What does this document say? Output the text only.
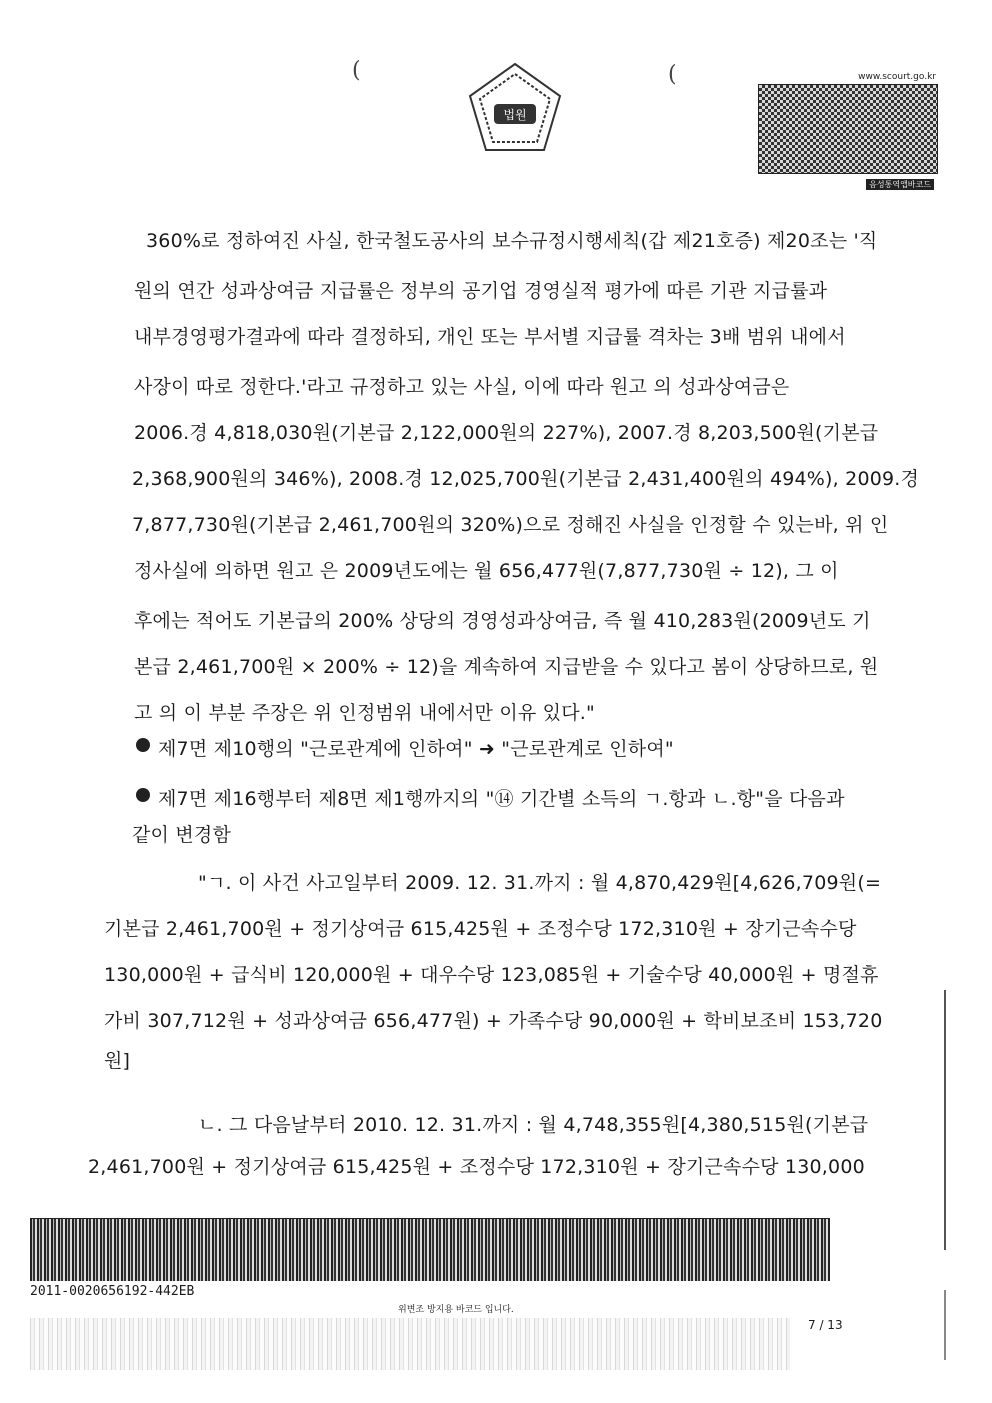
법원
(	(	www.scourt.go.kr
음성통역앱바코드
360%로 정하여진 사실, 한국철도공사의 보수규정시행세칙(갑 제21호증) 제20조는 '직
원의 연간 성과상여금 지급률은 정부의 공기업 경영실적 평가에 따른 기관 지급률과
내부경영평가결과에 따라 결정하되, 개인 또는 부서별 지급률 격차는 3배 범위 내에서
사장이 따로 정한다.'라고 규정하고 있는 사실, 이에 따라 원고 의 성과상여금은
2006.경 4,818,030원(기본급 2,122,000원의 227%), 2007.경 8,203,500원(기본급
2,368,900원의 346%), 2008.경 12,025,700원(기본급 2,431,400원의 494%), 2009.경
7,877,730원(기본급 2,461,700원의 320%)으로 정해진 사실을 인정할 수 있는바, 위 인
정사실에 의하면 원고 은 2009년도에는 월 656,477원(7,877,730원 ÷ 12), 그 이
후에는 적어도 기본급의 200% 상당의 경영성과상여금, 즉 월 410,283원(2009년도 기
본급 2,461,700원 × 200% ÷ 12)을 계속하여 지급받을 수 있다고 봄이 상당하므로, 원
고 의 이 부분 주장은 위 인정범위 내에서만 이유 있다."
제7면 제10행의 "근로관계에 인하여" ➜ "근로관계로 인하여"
제7면 제16행부터 제8면 제1행까지의 "⑭ 기간별 소득의 ㄱ.항과 ㄴ.항"을 다음과
같이 변경함
"ㄱ. 이 사건 사고일부터 2009. 12. 31.까지 : 월 4,870,429원[4,626,709원(=
기본급 2,461,700원 + 정기상여금 615,425원 + 조정수당 172,310원 + 장기근속수당
130,000원 + 급식비 120,000원 + 대우수당 123,085원 + 기술수당 40,000원 + 명절휴
가비 307,712원 + 성과상여금 656,477원) + 가족수당 90,000원 + 학비보조비 153,720
원]
ㄴ. 그 다음날부터 2010. 12. 31.까지 : 월 4,748,355원[4,380,515원(기본급
2,461,700원 + 정기상여금 615,425원 + 조정수당 172,310원 + 장기근속수당 130,000
2011-0020656192-442EB
위변조 방지용 바코드 입니다.
7 / 13
